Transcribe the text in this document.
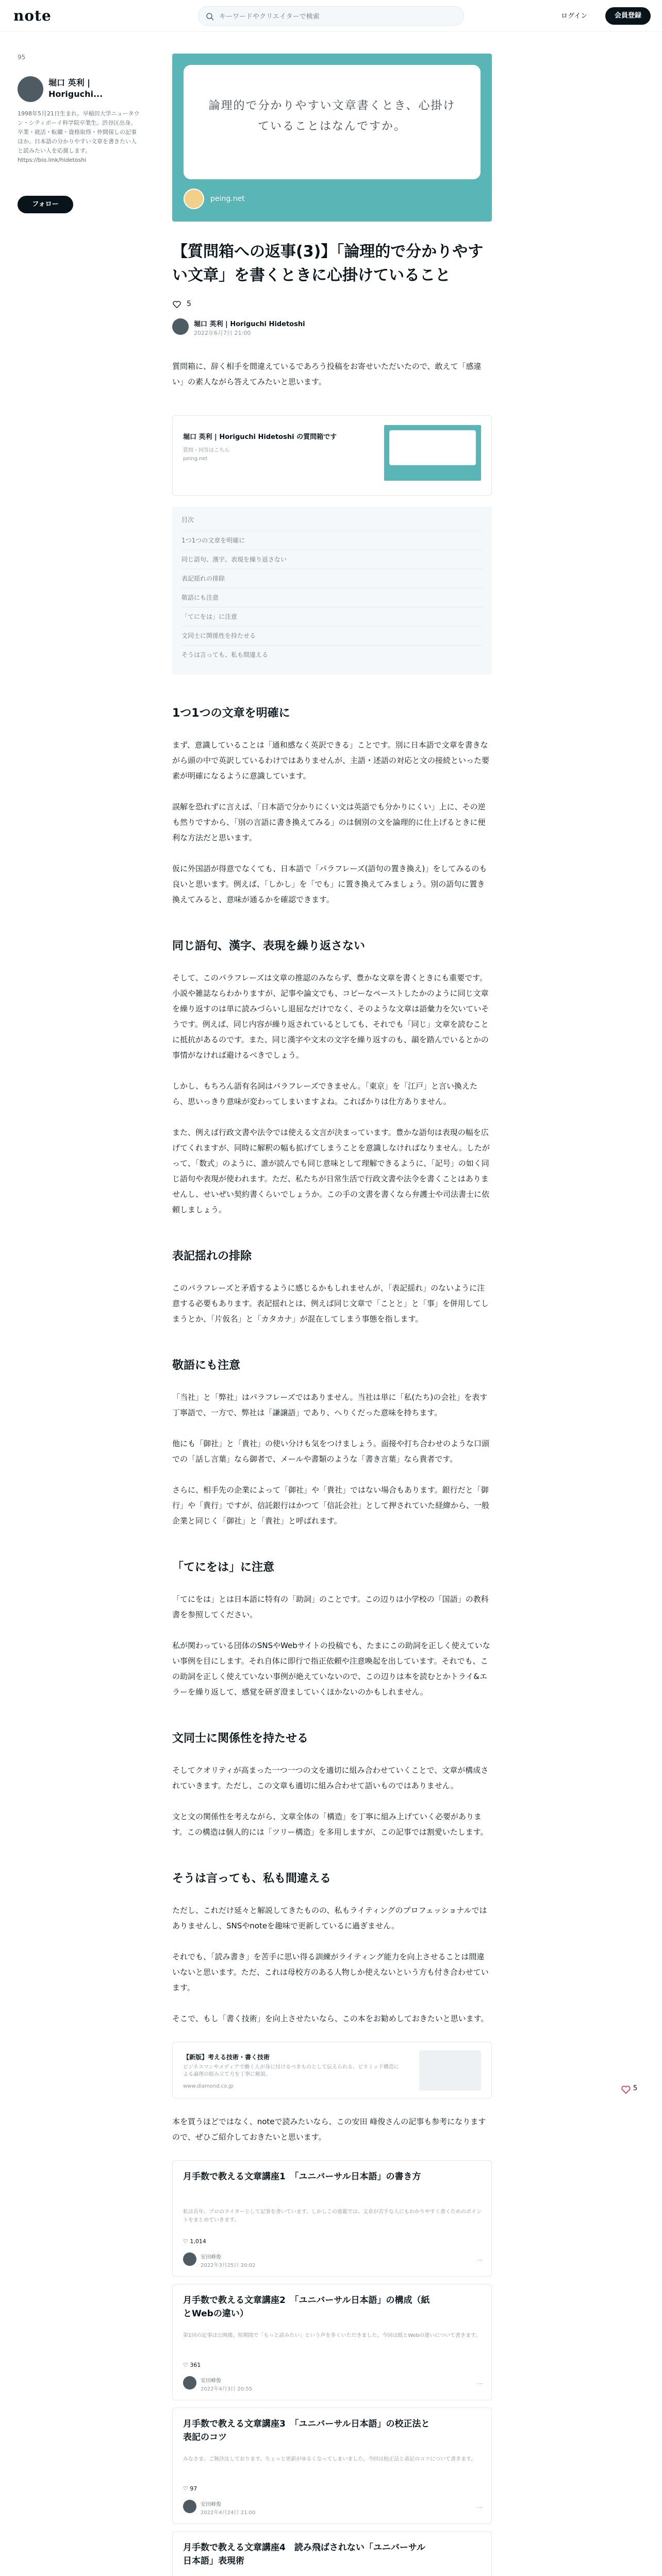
note
キーワードやクリエイターで検索	ログイン	会員登録
95
堀口 英利 | Horiguchi...
1998年5月21日生まれ。早稲田大学ニュータウン・シティボーイ科学院卒業生。渋谷区出身。卒業・就活・転職・資格取得・仲間探しの記事ほか。日本語の分かりやすい文章を書きたい人と読みたい人を応援します。https://bio.link/hidetoshi
フォロー

論理的で分かりやすい文章書くとき、心掛けていることはなんですか。

peing.net
【質問箱への返事(3)】「論理的で分かりやすい文章」を書くときに心掛けていること
5
堀口 英利 | Horiguchi Hidetoshi
2022年6月7日 21:00

質問箱に、辞く相手を間違えているであろう投稿をお寄せいただいたので、敢えて「感違い」の素人ながら答えてみたいと思います。

堀口 英利 | Horiguchi Hidetoshi の質問箱です
質問・回答はこちら
peing.net
目次
1つ1つの文章を明確に
同じ語句、漢字、表現を繰り返さない
表記揺れの排除
敬語にも注意
「てにをは」に注意
文同士に関係性を持たせる
そうは言っても、私も間違える
1つ1つの文章を明確に

まず、意識していることは「通和感なく英訳できる」ことです。別に日本語で文章を書きながら頭の中で英訳しているわけではありませんが、主語・述語の対応と文の接続といった要素が明確になるように意識しています。

誤解を恐れずに言えば、「日本語で分かりにくい文は英語でも分かりにくい」上に、その逆も然りですから、「別の言語に書き換えてみる」のは個別の文を論理的に仕上げるときに便利な方法だと思います。

仮に外国語が得意でなくても、日本語で「パラフレーズ(語句の置き換え)」をしてみるのも良いと思います。例えば、「しかし」を「でも」に置き換えてみましょう。別の語句に置き換えてみると、意味が通るかを確認できます。

同じ語句、漢字、表現を繰り返さない

そして、このパラフレーズは文章の推認のみならず、豊かな文章を書くときにも重要です。小説や雑誌ならわかりますが、記事や論文でも、コピーなペーストしたかのように同じ文章を繰り返すのは単に読みづらいし退屈なだけでなく、そのような文章は語彙力を欠いていそうです。例えば、同じ内容が繰り返されているとしても、それでも「同じ」文章を読むことに抵抗があるのです。また、同じ漢字や文末の文字を繰り返すのも、韻を踏んでいるとかの事情がなければ避けるべきでしょう。

しかし、もちろん語有名詞はパラフレーズできません。「東京」を「江戸」と言い換えたら、思いっきり意味が変わってしまいますよね。こればかりは仕方ありません。

また、例えば行政文書や法令では使える文言が決まっています。豊かな語句は表現の幅を広げてくれますが、同時に解釈の幅も拡げてしまうことを意識しなければなりません。したがって、「数式」のように、誰が読んでも同じ意味として理解できるように、「記号」の如く同じ語句や表現が使われます。ただ、私たちが日常生活で行政文書や法令を書くことはありませんし、せいぜい契約書くらいでしょうか。この手の文書を書くなら弁護士や司法書士に依頼しましょう。

表記揺れの排除

このパラフレーズと矛盾するように感じるかもしれませんが、「表記揺れ」のないように注意する必要もあります。表記揺れとは、例えば同じ文章で「ことと」と「事」を併用してしまうとか、「片仮名」と「カタカナ」が混在してしまう事態を指します。

敬語にも注意

「当社」と「弊社」はパラフレーズではありません。当社は単に「私(たち)の会社」を表す丁寧語で、一方で、弊社は「謙譲語」であり、へりくだった意味を持ちます。

他にも「御社」と「貴社」の使い分けも気をつけましょう。面接や打ち合わせのような口頭での「話し言葉」なら御者で、メールや書類のような「書き言葉」なら貴者です。

さらに、相手先の企業によって「御社」や「貴社」ではない場合もあります。銀行だと「御行」や「貴行」ですが、信託銀行はかつて「信託会社」として押されていた経緯から、一般企業と同じく「御社」と「貴社」と呼ばれます。

「てにをは」に注意

「てにをは」とは日本語に特有の「助詞」のことです。この辺りは小学校の「国語」の教科書を参照してください。

私が関わっている団体のSNSやWebサイトの投稿でも、たまにこの助詞を正しく使えていない事例を目にします。それ自体に即行で指正依頼や注意喚起を出しています。それでも、この助詞を正しく使えていない事例が絶えていないので、この辺りは本を読むとかトライ&エラーを繰り返して、感覚を研ぎ澄ましていくほかないのかもしれません。

文同士に関係性を持たせる

そしてクオリティが高まった一つ一つの文を適切に組み合わせていくことで、文章が構成されていきます。ただし、この文章も適切に組み合わせて語いものではありません。

文と文の関係性を考えながら、文章全体の「構造」を丁寧に組み上げていく必要があります。この構造は個人的には「ツリー構造」を多用しますが、この記事では割愛いたします。

そうは言っても、私も間違える

ただし、これだけ延々と解説してきたものの、私もライティングのプロフェッショナルではありませんし、SNSやnoteを趣味で更新しているに過ぎません。

それでも、「読み書き」を苦手に思い得る訓練がライティング能力を向上させることは間違いないと思います。ただ、これは母校方のある人物しか使えないという方も付き合わせています。

そこで、もし「書く技術」を向上させたいなら、この本をお勧めしておきたいと思います。

【新版】考える技術・書く技術
ビジネスマンやメディアで働く人が身に付けるべきものとして伝えられる、ピラミッド構造による論理の組み立て方を丁寧に解説。
www.diamond.co.jp

本を買うほどではなく、noteで読みたいなら、この安田 峰俊さんの記事も参考になりますので、ぜひご紹介しておきたいと思います。

月手数で教える文章講座1　「ユニバーサル日本語」の書き方
私は長年、プロのライターとして記事を書いています。しかしこの連載では、文章が苦手な人にもわかりやすく書くためのポイントをまとめていきます。
♡ 1,014
安田峰俊
2022年3月25日 20:02
⋯
月手数で教える文章講座2　「ユニバーサル日本語」の構成（紙とWebの違い）
第1回の記事は公開後、短期間で「もっと読みたい」という声を多くいただきました。今回は紙とWebの違いについて書きます。
♡ 361
安田峰俊
2022年4月3日 20:55
⋯
月手数で教える文章講座3　「ユニバーサル日本語」の校正法と表記のコツ
みなさま、ご無沙汰しております。ちょっと更新がゆるくなってしまいました。今回は校正法と表記のコツについて書きます。
♡ 97
安田峰俊
2022年4月24日 21:00
⋯
月手数で教える文章講座4　読み飛ばされない「ユニバーサル日本語」表現術
5
